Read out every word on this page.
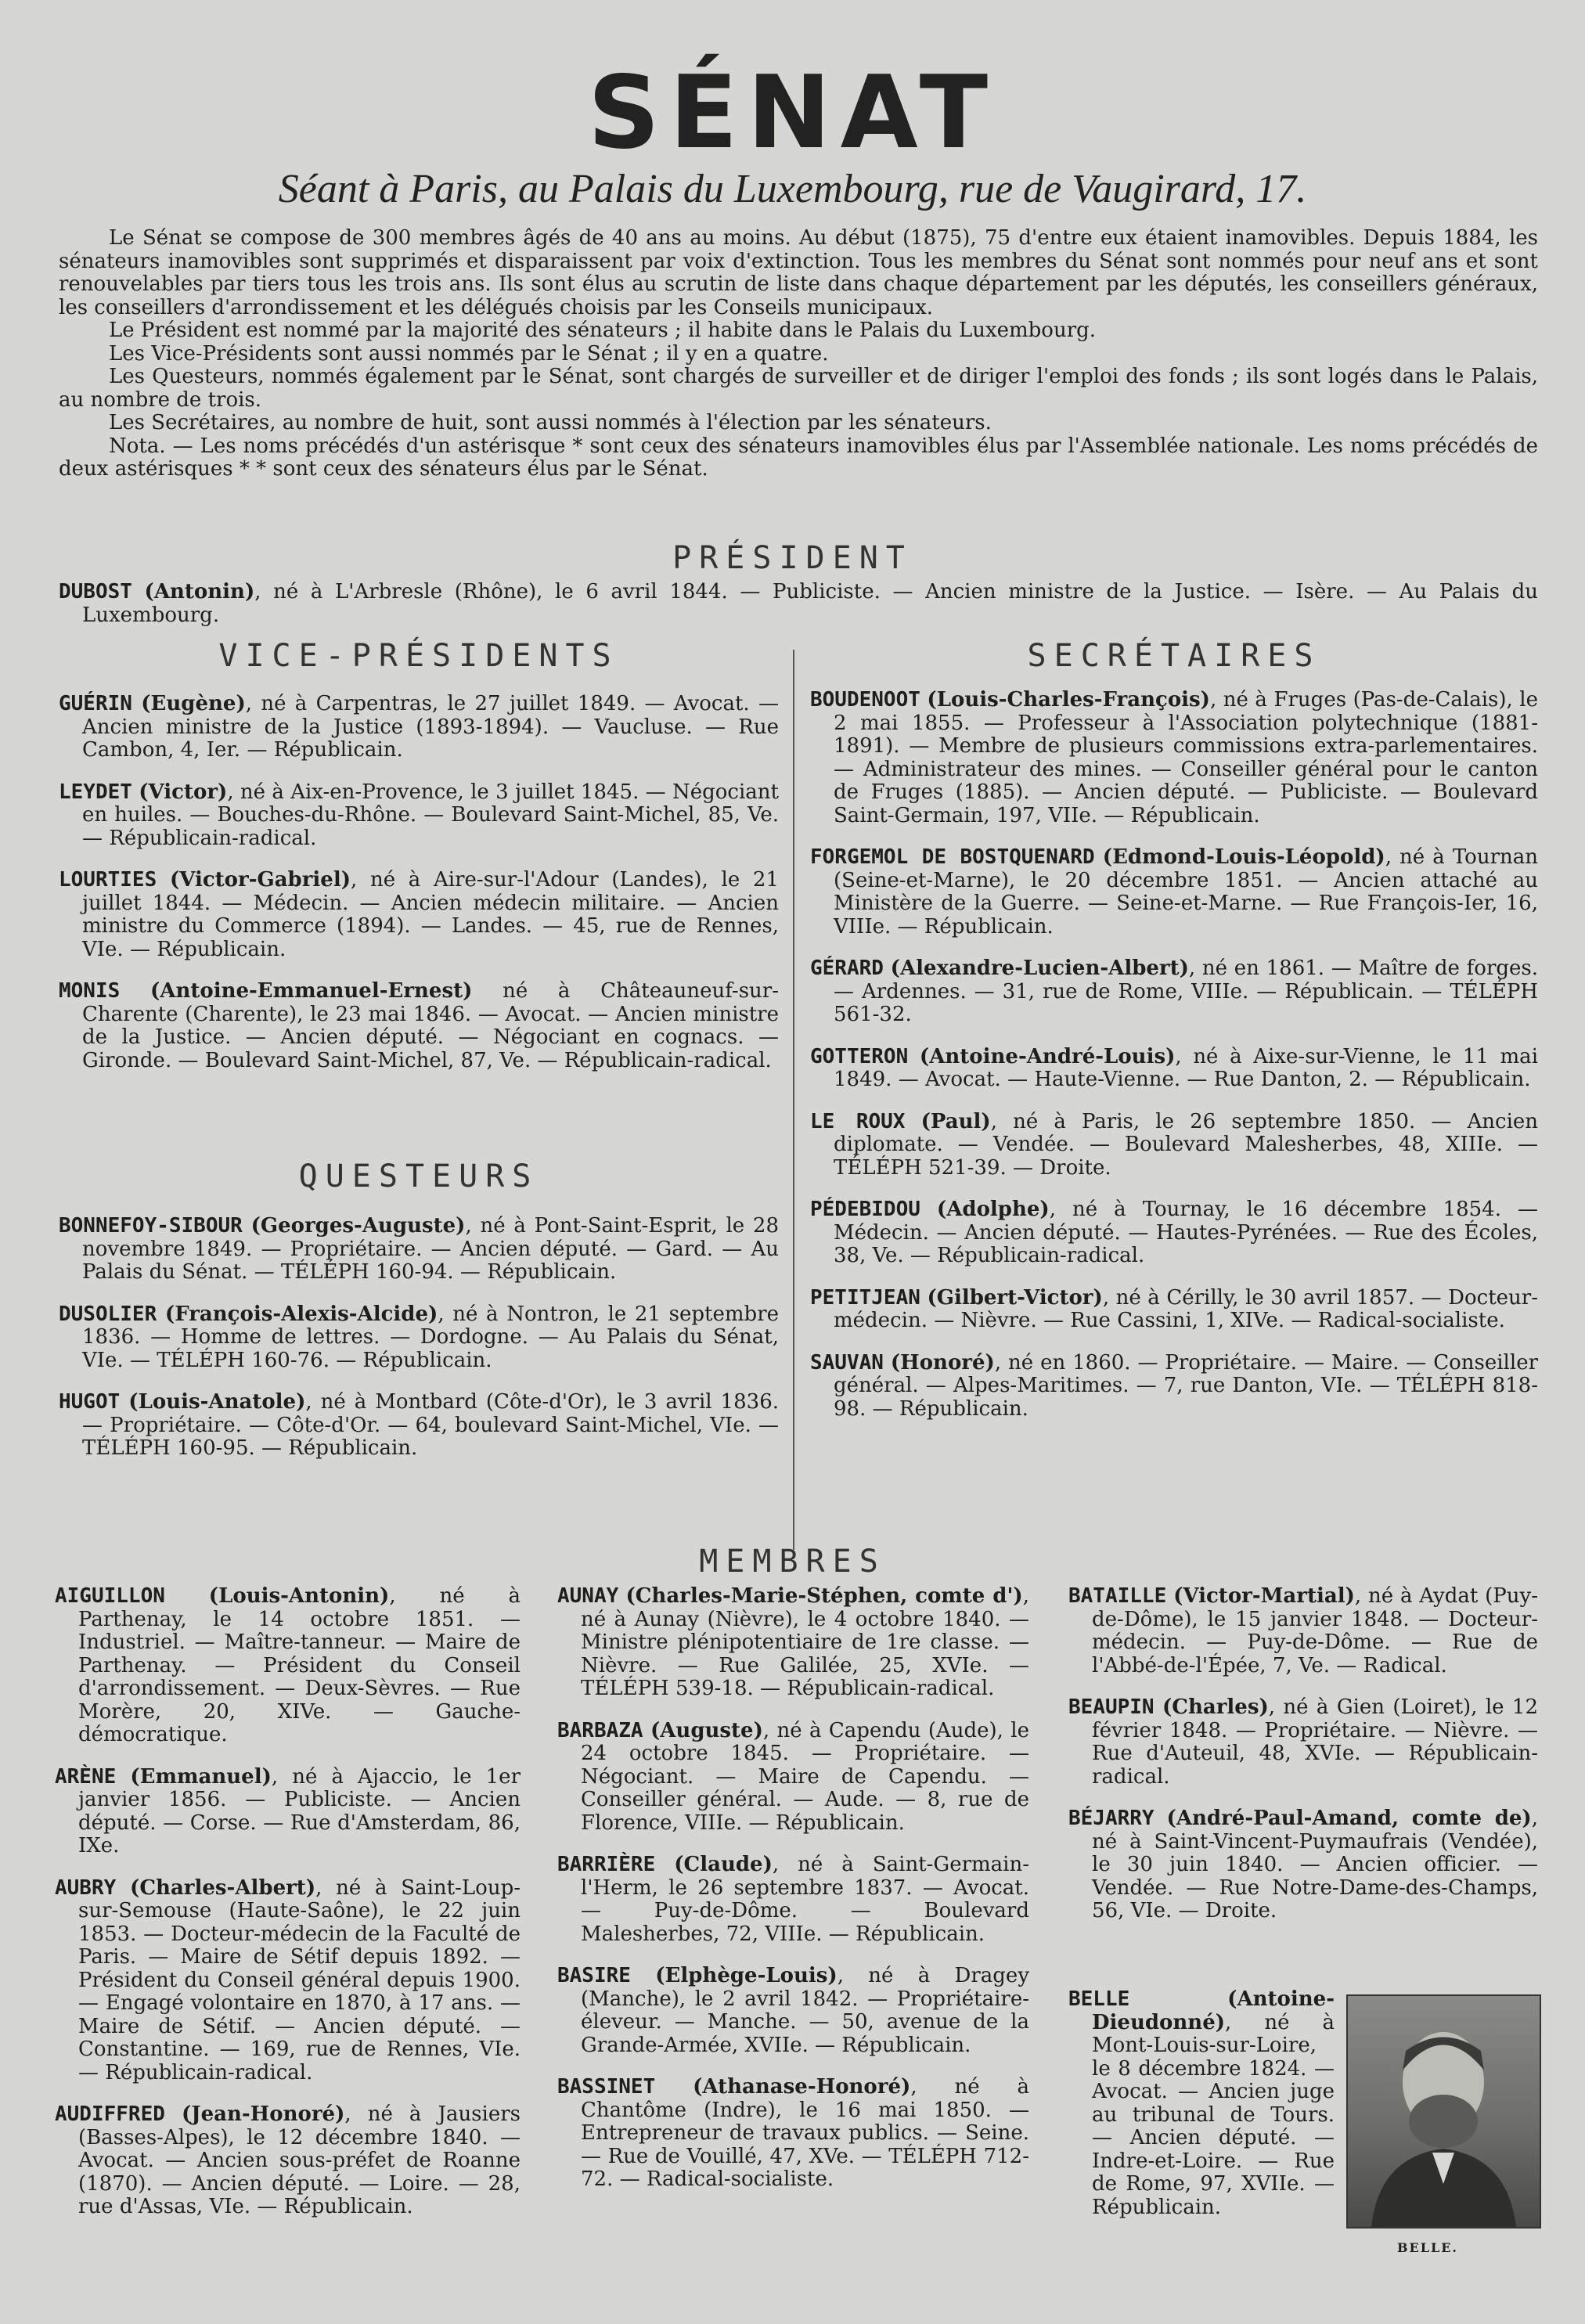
SÉNAT
Séant à Paris, au Palais du Luxembourg, rue de Vaugirard, 17.

Le Sénat se compose de 300 membres âgés de 40 ans au moins. Au début (1875), 75 d'entre eux étaient inamovibles. Depuis 1884, les sénateurs inamovibles sont supprimés et disparaissent par voix d'extinction. Tous les membres du Sénat sont nommés pour neuf ans et sont renouvelables par tiers tous les trois ans. Ils sont élus au scrutin de liste dans chaque département par les députés, les conseillers généraux, les conseillers d'arrondissement et les délégués choisis par les Conseils municipaux.

Le Président est nommé par la majorité des sénateurs ; il habite dans le Palais du Luxembourg.

Les Vice-Présidents sont aussi nommés par le Sénat ; il y en a quatre.

Les Questeurs, nommés également par le Sénat, sont chargés de surveiller et de diriger l'emploi des fonds ; ils sont logés dans le Palais, au nombre de trois.

Les Secrétaires, au nombre de huit, sont aussi nommés à l'élection par les sénateurs.

Nota. — Les noms précédés d'un astérisque * sont ceux des sénateurs inamovibles élus par l'Assemblée nationale. Les noms précédés de deux astérisques * * sont ceux des sénateurs élus par le Sénat.

PRÉSIDENT

DUBOST (Antonin), né à L'Arbresle (Rhône), le 6 avril 1844. — Publiciste. — Ancien ministre de la Justice. — Isère. — Au Palais du Luxembourg.

VICE-PRÉSIDENTS

GUÉRIN (Eugène), né à Carpentras, le 27 juillet 1849. — Avocat. — Ancien ministre de la Justice (1893-1894). — Vaucluse. — Rue Cambon, 4, Ier. — Républicain.

LEYDET (Victor), né à Aix-en-Provence, le 3 juillet 1845. — Négociant en huiles. — Bouches-du-Rhône. — Boulevard Saint-Michel, 85, Ve. — Républicain-radical.

LOURTIES (Victor-Gabriel), né à Aire-sur-l'Adour (Landes), le 21 juillet 1844. — Médecin. — Ancien médecin militaire. — Ancien ministre du Commerce (1894). — Landes. — 45, rue de Rennes, VIe. — Républicain.

MONIS (Antoine-Emmanuel-Ernest) né à Châteauneuf-sur-Charente (Charente), le 23 mai 1846. — Avocat. — Ancien ministre de la Justice. — Ancien député. — Négociant en cognacs. — Gironde. — Boulevard Saint-Michel, 87, Ve. — Républicain-radical.

QUESTEURS

BONNEFOY-SIBOUR (Georges-Auguste), né à Pont-Saint-Esprit, le 28 novembre 1849. — Propriétaire. — Ancien député. — Gard. — Au Palais du Sénat. — TÉLÉPH 160-94. — Républicain.

DUSOLIER (François-Alexis-Alcide), né à Nontron, le 21 septembre 1836. — Homme de lettres. — Dordogne. — Au Palais du Sénat, VIe. — TÉLÉPH 160-76. — Républicain.

HUGOT (Louis-Anatole), né à Montbard (Côte-d'Or), le 3 avril 1836. — Propriétaire. — Côte-d'Or. — 64, boulevard Saint-Michel, VIe. — TÉLÉPH 160-95. — Républicain.

SECRÉTAIRES

BOUDENOOT (Louis-Charles-François), né à Fruges (Pas-de-Calais), le 2 mai 1855. — Professeur à l'Association polytechnique (1881-1891). — Membre de plusieurs commissions extra-parlementaires. — Administrateur des mines. — Conseiller général pour le canton de Fruges (1885). — Ancien député. — Publiciste. — Boulevard Saint-Germain, 197, VIIe. — Républicain.

FORGEMOL DE BOSTQUENARD (Edmond-Louis-Léopold), né à Tournan (Seine-et-Marne), le 20 décembre 1851. — Ancien attaché au Ministère de la Guerre. — Seine-et-Marne. — Rue François-Ier, 16, VIIIe. — Républicain.

GÉRARD (Alexandre-Lucien-Albert), né en 1861. — Maître de forges. — Ardennes. — 31, rue de Rome, VIIIe. — Républicain. — TÉLÉPH 561-32.

GOTTERON (Antoine-André-Louis), né à Aixe-sur-Vienne, le 11 mai 1849. — Avocat. — Haute-Vienne. — Rue Danton, 2. — Républicain.

LE ROUX (Paul), né à Paris, le 26 septembre 1850. — Ancien diplomate. — Vendée. — Boulevard Malesherbes, 48, XIIIe. — TÉLÉPH 521-39. — Droite.

PÉDEBIDOU (Adolphe), né à Tournay, le 16 décembre 1854. — Médecin. — Ancien député. — Hautes-Pyrénées. — Rue des Écoles, 38, Ve. — Républicain-radical.

PETITJEAN (Gilbert-Victor), né à Cérilly, le 30 avril 1857. — Docteur-médecin. — Nièvre. — Rue Cassini, 1, XIVe. — Radical-socialiste.

SAUVAN (Honoré), né en 1860. — Propriétaire. — Maire. — Conseiller général. — Alpes-Maritimes. — 7, rue Danton, VIe. — TÉLÉPH 818-98. — Républicain.

MEMBRES

AIGUILLON (Louis-Antonin), né à Parthenay, le 14 octobre 1851. — Industriel. — Maître-tanneur. — Maire de Parthenay. — Président du Conseil d'arrondissement. — Deux-Sèvres. — Rue Morère, 20, XIVe. — Gauche-démocratique.

ARÈNE (Emmanuel), né à Ajaccio, le 1er janvier 1856. — Publiciste. — Ancien député. — Corse. — Rue d'Amsterdam, 86, IXe.

AUBRY (Charles-Albert), né à Saint-Loup-sur-Semouse (Haute-Saône), le 22 juin 1853. — Docteur-médecin de la Faculté de Paris. — Maire de Sétif depuis 1892. — Président du Conseil général depuis 1900. — Engagé volontaire en 1870, à 17 ans. — Maire de Sétif. — Ancien député. — Constantine. — 169, rue de Rennes, VIe. — Républicain-radical.

AUDIFFRED (Jean-Honoré), né à Jausiers (Basses-Alpes), le 12 décembre 1840. — Avocat. — Ancien sous-préfet de Roanne (1870). — Ancien député. — Loire. — 28, rue d'Assas, VIe. — Républicain.

AUNAY (Charles-Marie-Stéphen, comte d'), né à Aunay (Nièvre), le 4 octobre 1840. — Ministre plénipotentiaire de 1re classe. — Nièvre. — Rue Galilée, 25, XVIe. — TÉLÉPH 539-18. — Républicain-radical.

BARBAZA (Auguste), né à Capendu (Aude), le 24 octobre 1845. — Propriétaire. — Négociant. — Maire de Capendu. — Conseiller général. — Aude. — 8, rue de Florence, VIIIe. — Républicain.

BARRIÈRE (Claude), né à Saint-Germain-l'Herm, le 26 septembre 1837. — Avocat. — Puy-de-Dôme. — Boulevard Malesherbes, 72, VIIIe. — Républicain.

BASIRE (Elphège-Louis), né à Dragey (Manche), le 2 avril 1842. — Propriétaire-éleveur. — Manche. — 50, avenue de la Grande-Armée, XVIIe. — Républicain.

BASSINET (Athanase-Honoré), né à Chantôme (Indre), le 16 mai 1850. — Entrepreneur de travaux publics. — Seine. — Rue de Vouillé, 47, XVe. — TÉLÉPH 712-72. — Radical-socialiste.

BATAILLE (Victor-Martial), né à Aydat (Puy-de-Dôme), le 15 janvier 1848. — Docteur-médecin. — Puy-de-Dôme. — Rue de l'Abbé-de-l'Épée, 7, Ve. — Radical.

BEAUPIN (Charles), né à Gien (Loiret), le 12 février 1848. — Propriétaire. — Nièvre. — Rue d'Auteuil, 48, XVIe. — Républicain-radical.

BÉJARRY (André-Paul-Amand, comte de), né à Saint-Vincent-Puymaufrais (Vendée), le 30 juin 1840. — Ancien officier. — Vendée. — Rue Notre-Dame-des-Champs, 56, VIe. — Droite.

BELLE	(Antoine-Dieudonné), né à Mont-Louis-sur-Loire, le 8 décembre 1824. — Avocat. — Ancien juge au tribunal de Tours. — Ancien député. — Indre-et-Loire. — Rue de Rome, 97, XVIIe. — Républicain.

BELLE.
